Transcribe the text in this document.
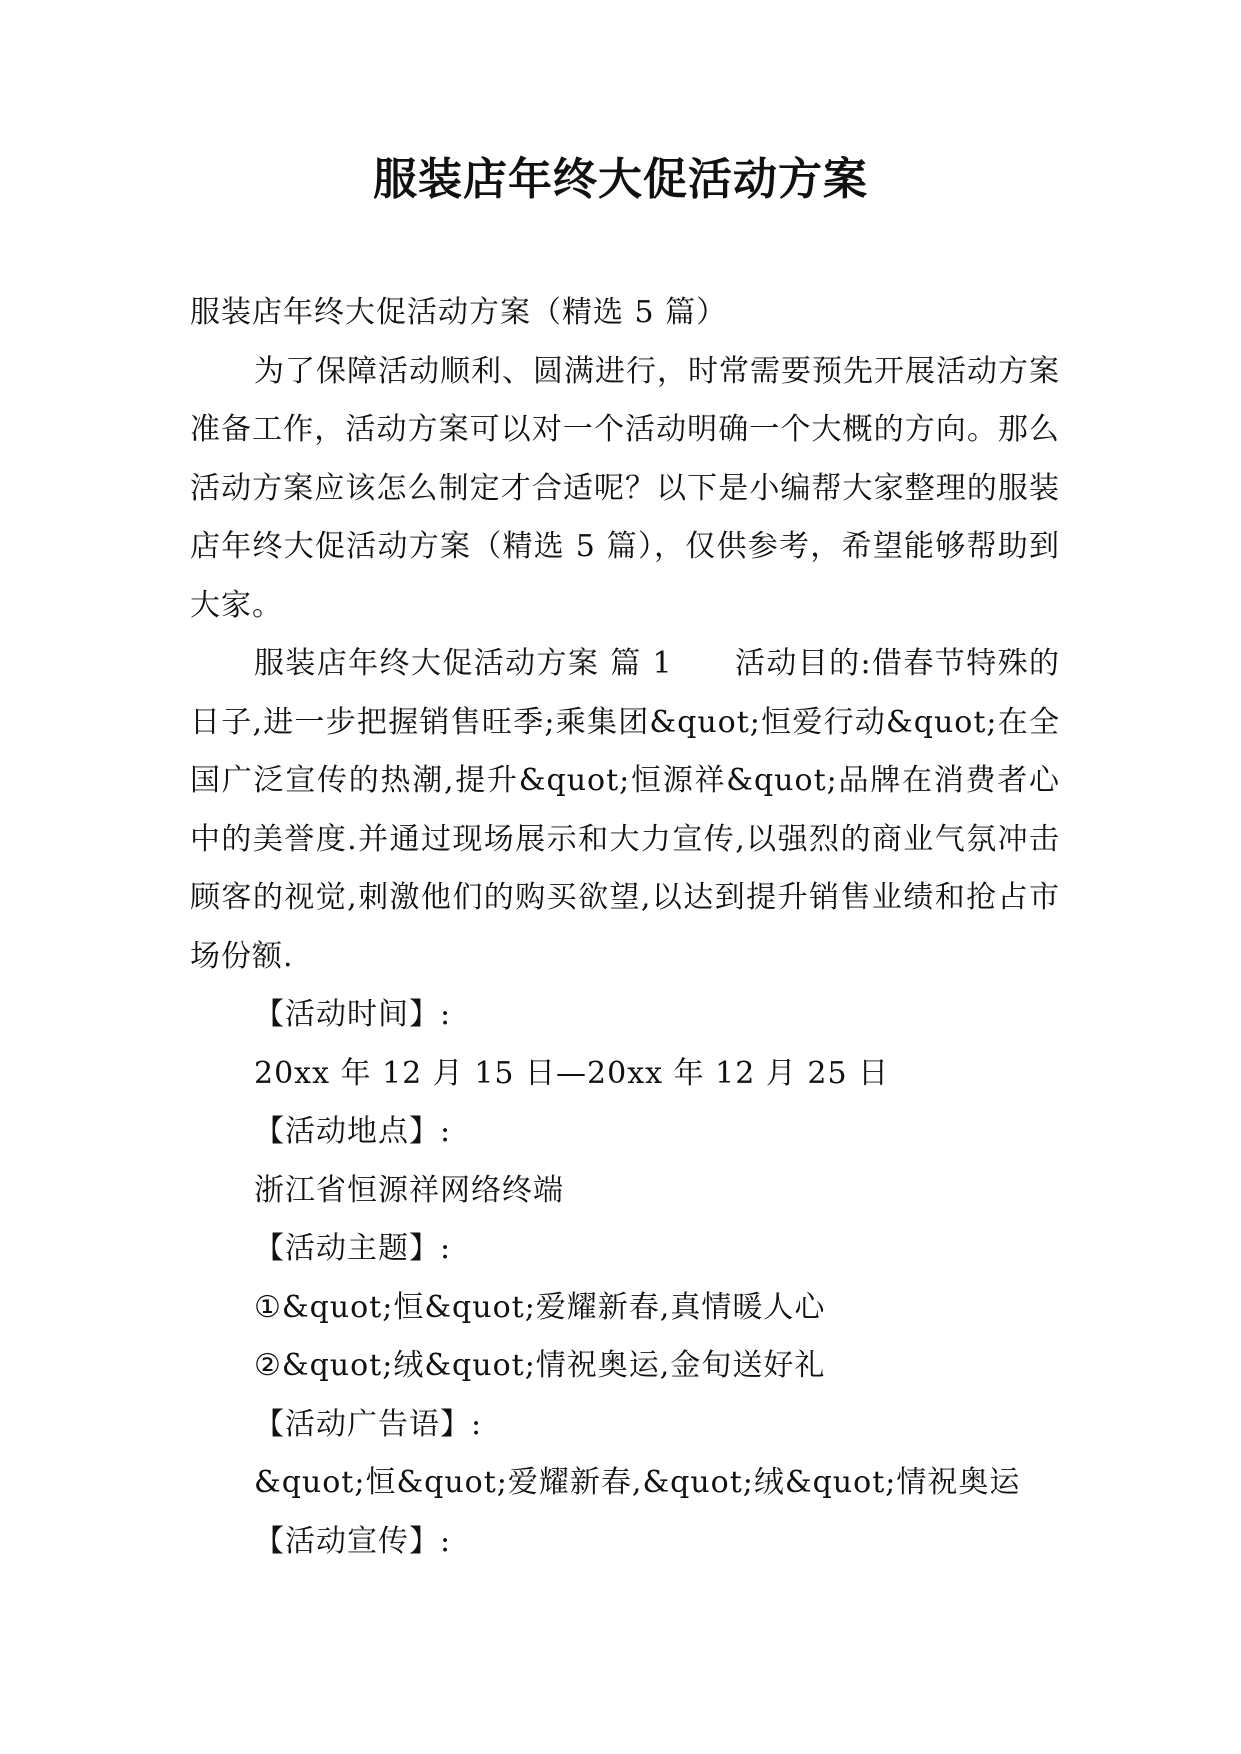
服装店年终大促活动方案

服装店年终大促活动方案（精选 5 篇）

为了保障活动顺利、圆满进行，时常需要预先开展活动方案准备工作，活动方案可以对一个活动明确一个大概的方向。那么活动方案应该怎么制定才合适呢？以下是小编帮大家整理的服装店年终大促活动方案（精选 5 篇），仅供参考，希望能够帮助到大家。

服装店年终大促活动方案 篇 1 活动目的:借春节特殊的日子,进一步把握销售旺季;乘集团&quot;恒爱行动&quot;在全国广泛宣传的热潮,提升&quot;恒源祥&quot;品牌在消费者心中的美誉度.并通过现场展示和大力宣传,以强烈的商业气氛冲击顾客的视觉,刺激他们的购买欲望,以达到提升销售业绩和抢占市场份额.

【活动时间】:

20xx 年 12 月 15 日—20xx 年 12 月 25 日

【活动地点】:

浙江省恒源祥网络终端

【活动主题】:

①&quot;恒&quot;爱耀新春,真情暖人心

②&quot;绒&quot;情祝奥运,金旬送好礼

【活动广告语】:

&quot;恒&quot;爱耀新春,&quot;绒&quot;情祝奥运

【活动宣传】:
